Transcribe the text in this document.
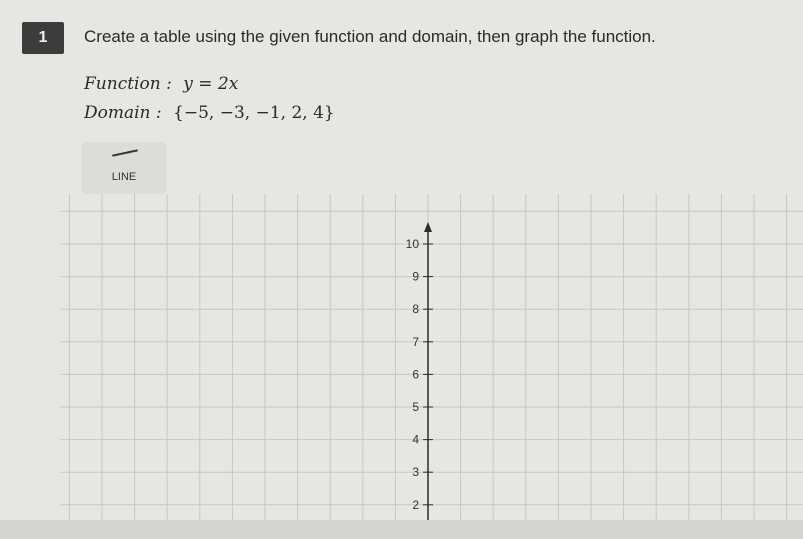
1	Create a table using the given function and domain, then graph the function.
Function : y = 2x
Domain : {−5, −3, −1, 2, 4}
LINE
10
9
8
7
6
5
4
3
2
